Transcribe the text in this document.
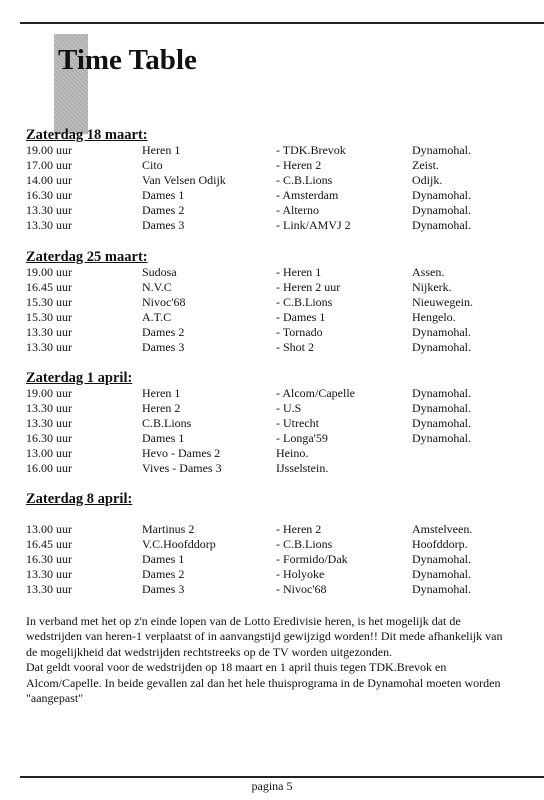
Time Table
Zaterdag 18 maart:
19.00 uur	Heren 1	- TDK.Brevok	Dynamohal.
17.00 uur	Cito	- Heren 2	Zeist.
14.00 uur	Van Velsen Odijk	- C.B.Lions	Odijk.
16.30 uur	Dames 1	- Amsterdam	Dynamohal.
13.30 uur	Dames 2	- Alterno	Dynamohal.
13.30 uur	Dames 3	- Link/AMVJ 2	Dynamohal.
Zaterdag 25 maart:
19.00 uur	Sudosa	- Heren 1	Assen.
16.45 uur	N.V.C	- Heren 2 uur	Nijkerk.
15.30 uur	Nivoc'68	- C.B.Lions	Nieuwegein.
15.30 uur	A.T.C	- Dames 1	Hengelo.
13.30 uur	Dames 2	- Tornado	Dynamohal.
13.30 uur	Dames 3	- Shot 2	Dynamohal.
Zaterdag 1 april:
19.00 uur	Heren 1	- Alcom/Capelle	Dynamohal.
13.30 uur	Heren 2	- U.S	Dynamohal.
13.30 uur	C.B.Lions	- Utrecht	Dynamohal.
16.30 uur	Dames 1	- Longa'59	Dynamohal.
13.00 uur	Hevo - Dames 2	Heino.
16.00 uur	Vives - Dames 3	IJsselstein.
Zaterdag 8 april:
13.00 uur	Martinus 2	- Heren 2	Amstelveen.
16.45 uur	V.C.Hoofddorp	- C.B.Lions	Hoofddorp.
16.30 uur	Dames 1	- Formido/Dak	Dynamohal.
13.30 uur	Dames 2	- Holyoke	Dynamohal.
13.30 uur	Dames 3	- Nivoc'68	Dynamohal.

In verband met het op z'n einde lopen van de Lotto Eredivisie heren, is het mogelijk dat de wedstrijden van heren-1 verplaatst of in aanvangstijd gewijzigd worden!! Dit mede afhankelijk van de mogelijkheid dat wedstrijden rechtstreeks op de TV worden uitgezonden.

Dat geldt vooral voor de wedstrijden op 18 maart en 1 april thuis tegen TDK.Brevok en Alcom/Capelle. In beide gevallen zal dan het hele thuisprograma in de Dynamohal moeten worden "aangepast"

pagina 5
